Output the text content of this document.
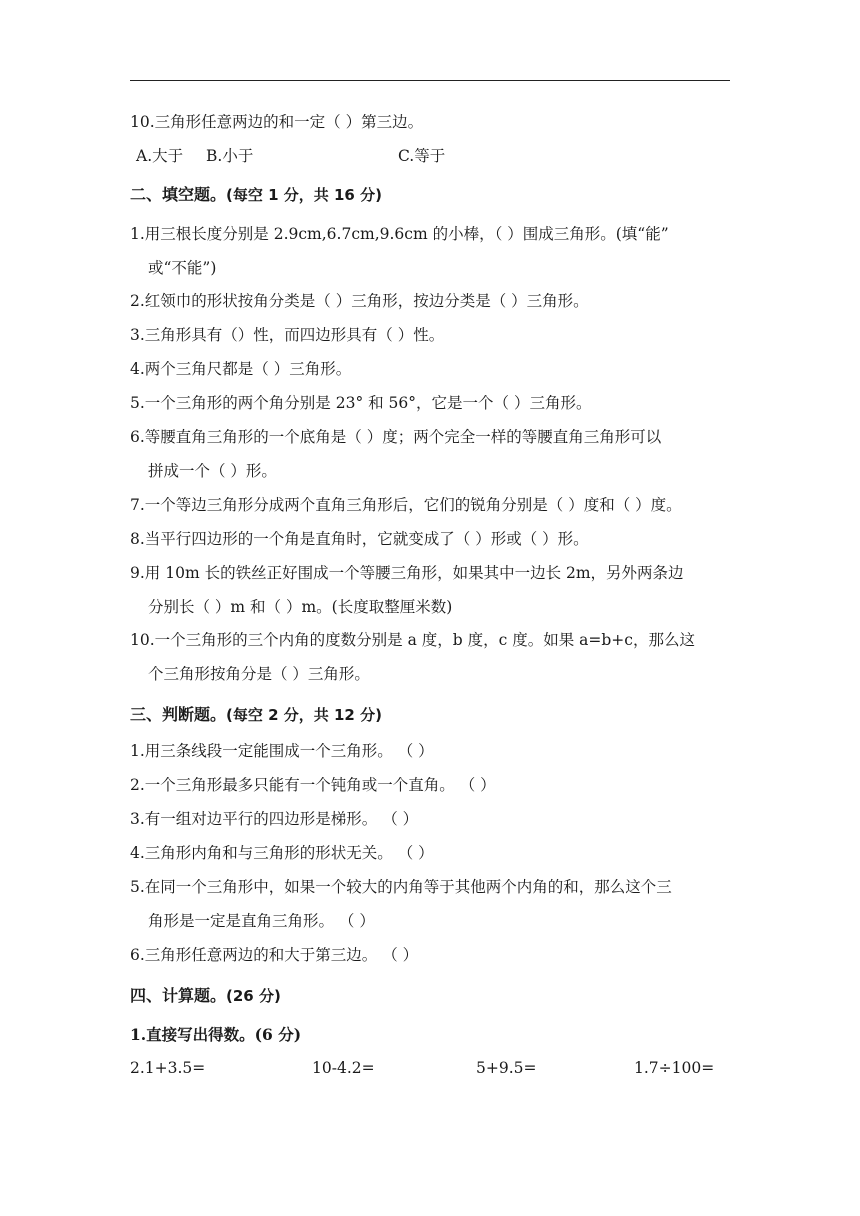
10.三角形任意两边的和一定（ ）第三边。
A.大于 B.小于	C.等于
二、填空题。(每空 1 分，共 16 分)
1.用三根长度分别是 2.9cm,6.7cm,9.6cm 的小棒，（ ）围成三角形。(填“能”
或“不能”)
2.红领巾的形状按角分类是（ ）三角形，按边分类是（ ）三角形。
3.三角形具有（）性，而四边形具有（ ）性。
4.两个三角尺都是（ ）三角形。
5.一个三角形的两个角分别是 23° 和 56°，它是一个（ ）三角形。
6.等腰直角三角形的一个底角是（ ）度；两个完全一样的等腰直角三角形可以
拼成一个（ ）形。
7.一个等边三角形分成两个直角三角形后，它们的锐角分别是（ ）度和（ ）度。
8.当平行四边形的一个角是直角时，它就变成了（ ）形或（ ）形。
9.用 10m 长的铁丝正好围成一个等腰三角形，如果其中一边长 2m，另外两条边
分别长（ ）m 和（ ）m。(长度取整厘米数)
10.一个三角形的三个内角的度数分别是 a 度，b 度，c 度。如果 a=b+c，那么这
个三角形按角分是（ ）三角形。
三、判断题。(每空 2 分，共 12 分)
1.用三条线段一定能围成一个三角形。 （ ）
2.一个三角形最多只能有一个钝角或一个直角。 （ ）
3.有一组对边平行的四边形是梯形。 （ ）
4.三角形内角和与三角形的形状无关。 （ ）
5.在同一个三角形中，如果一个较大的内角等于其他两个内角的和，那么这个三
角形是一定是直角三角形。 （ ）
6.三角形任意两边的和大于第三边。 （ ）
四、计算题。(26 分)
1.直接写出得数。(6 分)
2.1+3.5=	10-4.2=	5+9.5=	1.7÷100=
